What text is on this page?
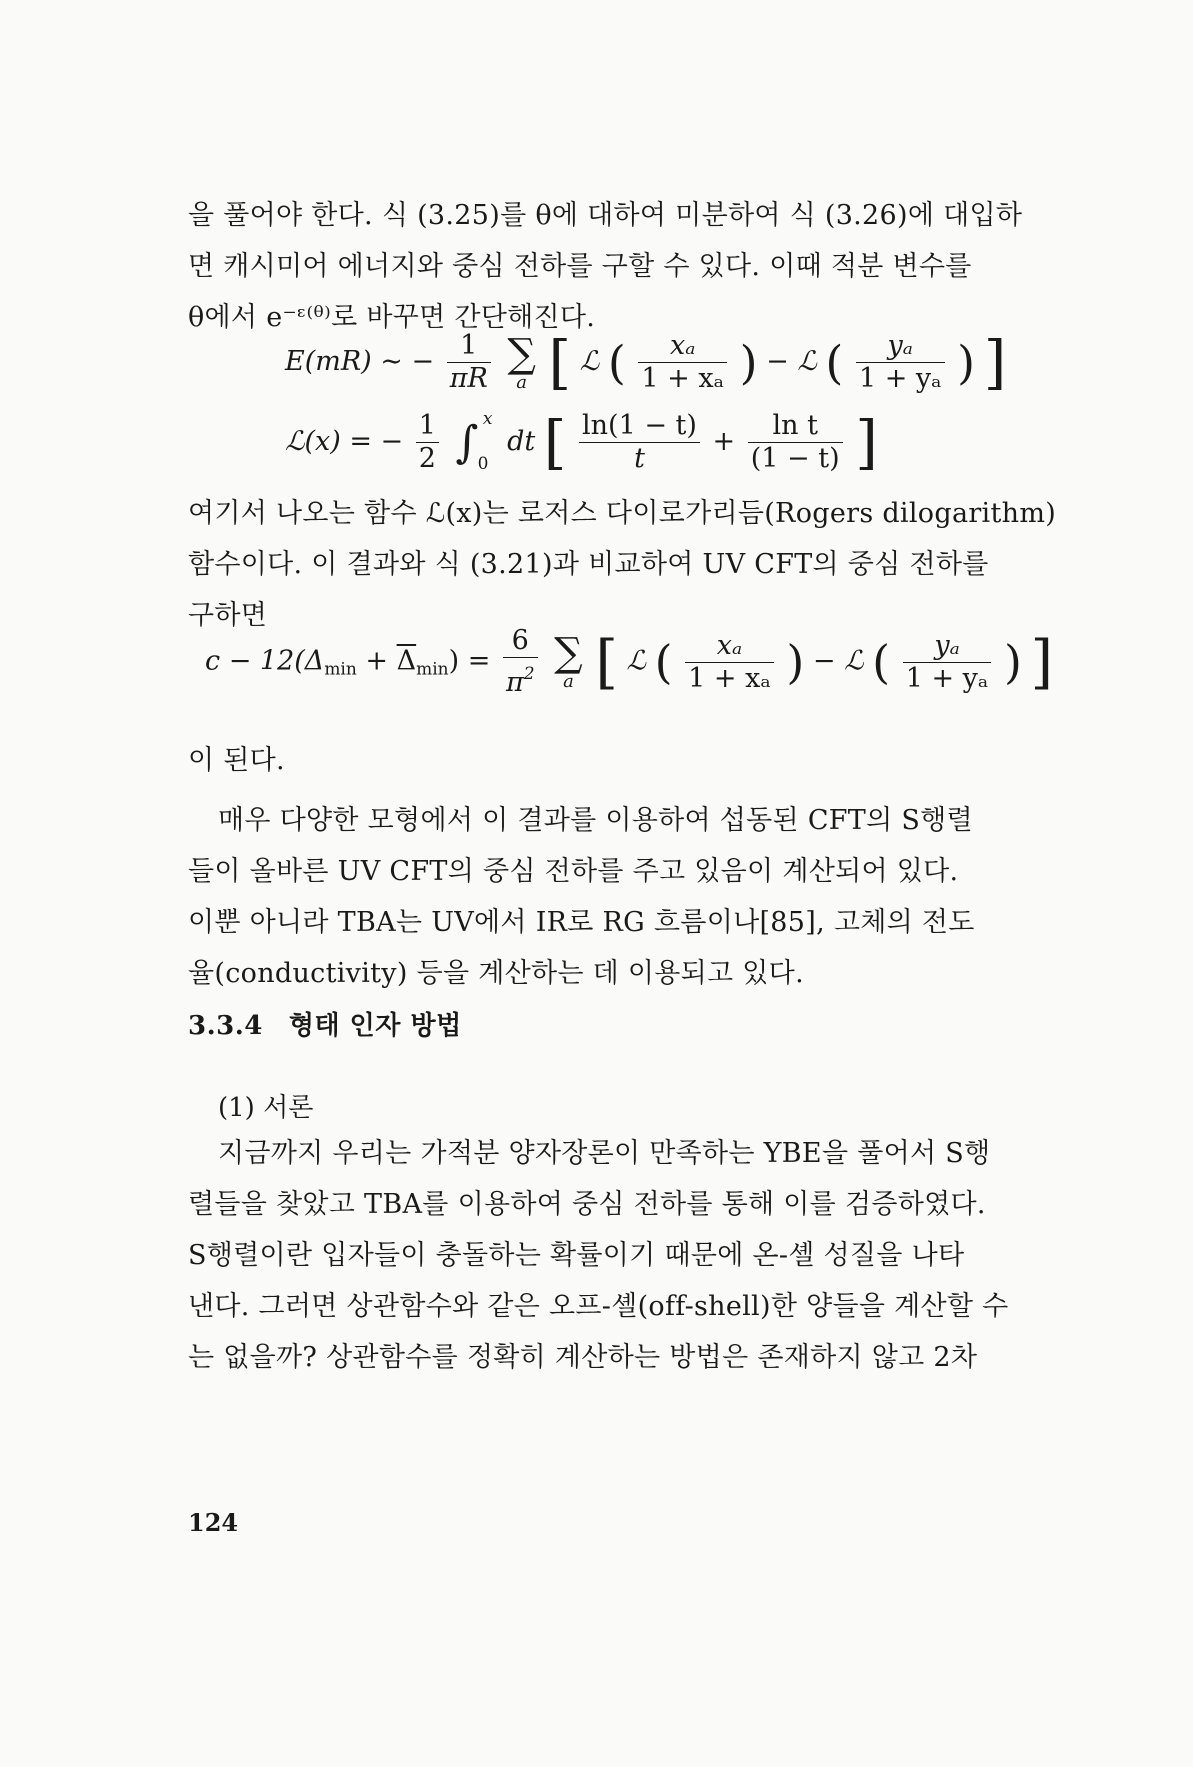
을 풀어야 한다. 식 (3.25)를 θ에 대하여 미분하여 식 (3.26)에 대입하
면 캐시미어 에너지와 중심 전하를 구할 수 있다. 이때 적분 변수를
θ에서 e⁻ᵋ⁽ᶿ⁾로 바꾸면 간단해진다.

E(mR) ∼ − $\frac{1}{\pi R}$ ∑
a [ ℒ ( $\frac{\text{xₐ}}{\text{1 + xₐ}}$ ) − ℒ ( $\frac{\text{yₐ}}{\text{1 + yₐ}}$ ) ]
ℒ(x) = − $\frac{1}{2}$ ∫ x
0
dt [ $\frac{\ln(1 - t)}{t} + \frac{\text{ln t}}{(1 - t)}$ ]

여기서 나오는 함수 ℒ(x)는 로저스 다이로가리듬(Rogers dilogarithm)
함수이다. 이 결과와 식 (3.21)과 비교하여 UV CFT의 중심 전하를
구하면

$c - 12(\Delta\min + \overline{\Delta}\min) = \frac{6}{\pi^2}$ ∑
a [ ℒ ( $\frac{\text{xₐ}}{\text{1 + xₐ}}$ ) − ℒ ( $\frac{\text{yₐ}}{\text{1 + yₐ}}$ ) ]

이 된다.

매우 다양한 모형에서 이 결과를 이용하여 섭동된 CFT의 S행렬
들이 올바른 UV CFT의 중심 전하를 주고 있음이 계산되어 있다.
이뿐 아니라 TBA는 UV에서 IR로 RG 흐름이나[85], 고체의 전도
율(conductivity) 등을 계산하는 데 이용되고 있다.

3.3.4 형태 인자 방법
(1) 서론

지금까지 우리는 가적분 양자장론이 만족하는 YBE을 풀어서 S행
렬들을 찾았고 TBA를 이용하여 중심 전하를 통해 이를 검증하였다.
S행렬이란 입자들이 충돌하는 확률이기 때문에 온-셸 성질을 나타
낸다. 그러면 상관함수와 같은 오프-셸(off-shell)한 양들을 계산할 수
는 없을까? 상관함수를 정확히 계산하는 방법은 존재하지 않고 2차

124
